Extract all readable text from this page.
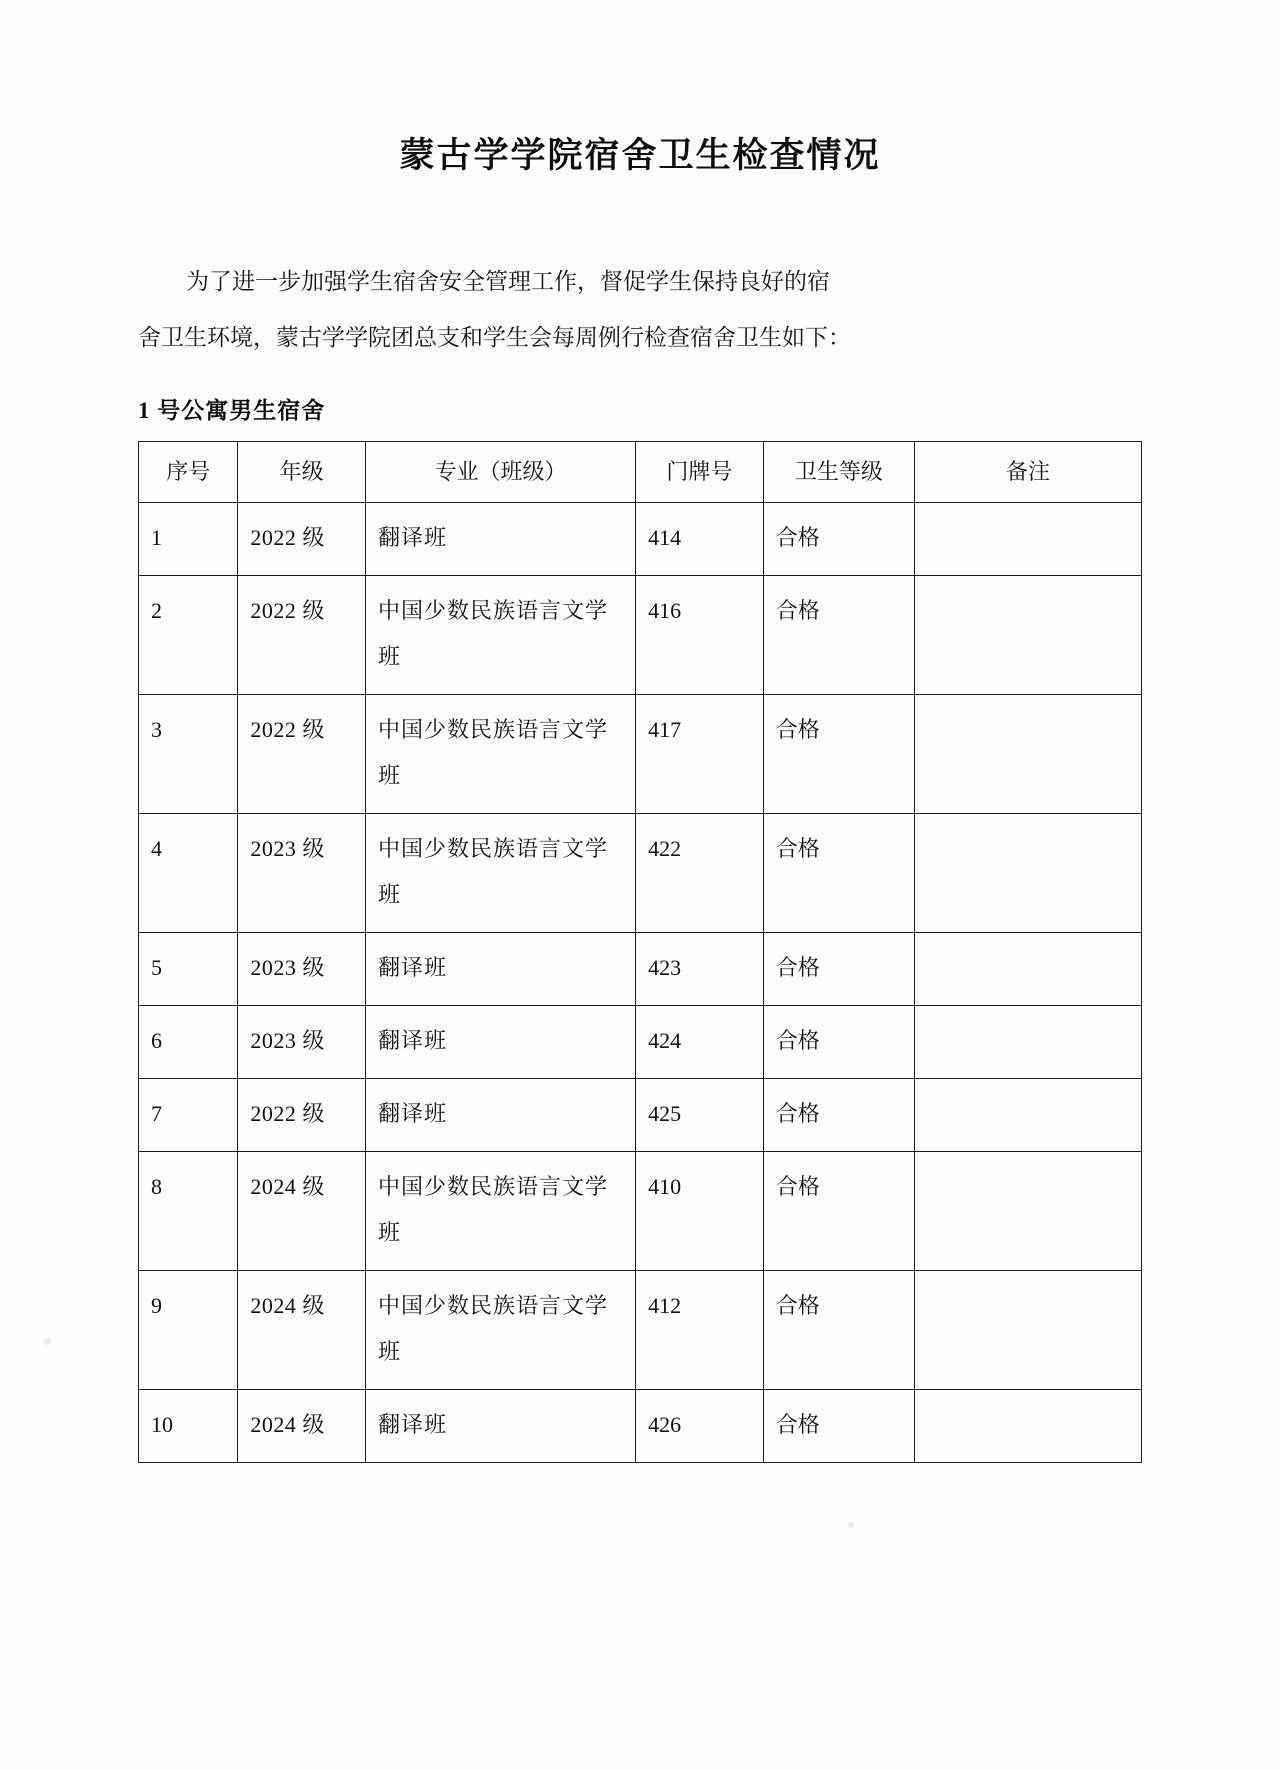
蒙古学学院宿舍卫生检查情况

为了进一步加强学生宿舍安全管理工作，督促学生保持良好的宿

舍卫生环境，蒙古学学院团总支和学生会每周例行检查宿舍卫生如下：

1 号公寓男生宿舍
序号	年级	专业（班级）	门牌号	卫生等级	备注
1	2022 级	翻译班	414	合格	
2	2022 级	中国少数民族语言文学班	416	合格	
3	2022 级	中国少数民族语言文学班	417	合格	
4	2023 级	中国少数民族语言文学班	422	合格	
5	2023 级	翻译班	423	合格	
6	2023 级	翻译班	424	合格	
7	2022 级	翻译班	425	合格	
8	2024 级	中国少数民族语言文学班	410	合格	
9	2024 级	中国少数民族语言文学班	412	合格	
10	2024 级	翻译班	426	合格	
